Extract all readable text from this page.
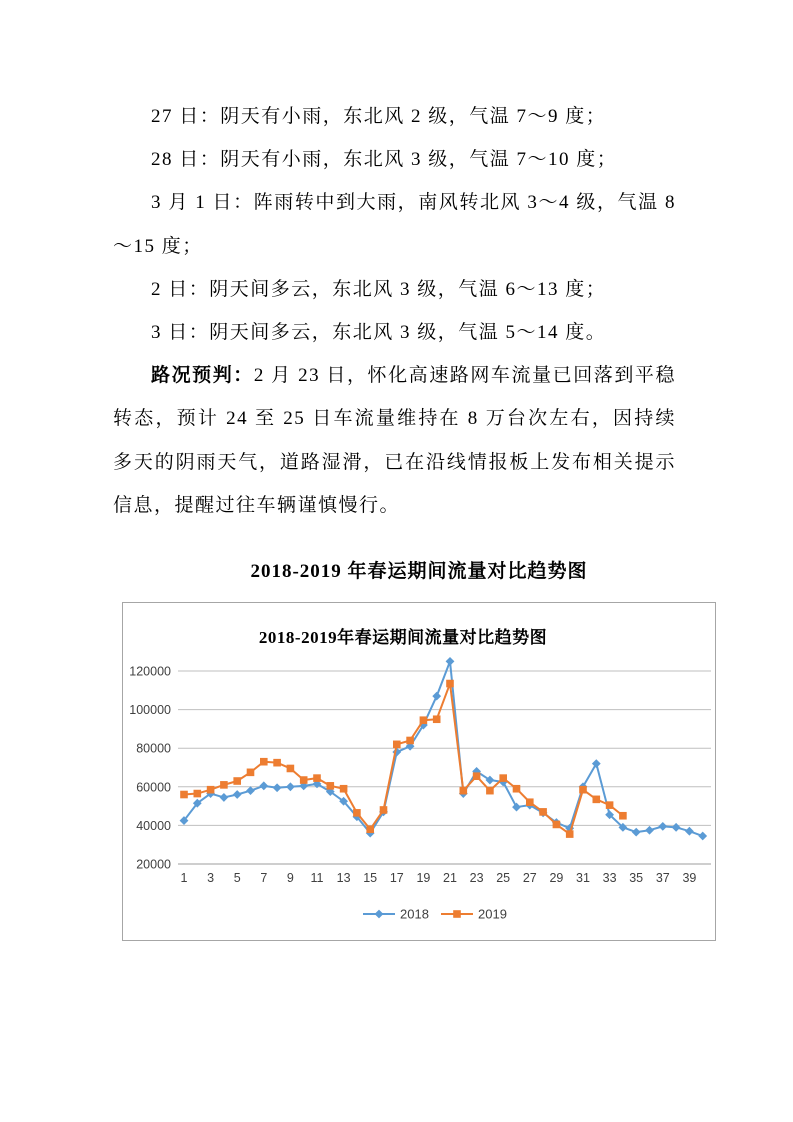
27 日：阴天有小雨，东北风 2 级，气温 7～9 度；

28 日：阴天有小雨，东北风 3 级，气温 7～10 度；

3 月 1 日：阵雨转中到大雨，南风转北风 3～4 级，气温 8～15 度；

2 日：阴天间多云，东北风 3 级，气温 6～13 度；

3 日：阴天间多云，东北风 3 级，气温 5～14 度。

路况预判：2 月 23 日，怀化高速路网车流量已回落到平稳转态，预计 24 至 25 日车流量维持在 8 万台次左右，因持续多天的阴雨天气，道路湿滑，已在沿线情报板上发布相关提示信息，提醒过往车辆谨慎慢行。

2018-2019 年春运期间流量对比趋势图
20000
40000
60000
80000
100000
120000
1 3 5 7 9 11 13 15 17 19 21 23 25 27 29 31 33 35 37 39
2018-2019年春运期间流量对比趋势图
2018	2019
